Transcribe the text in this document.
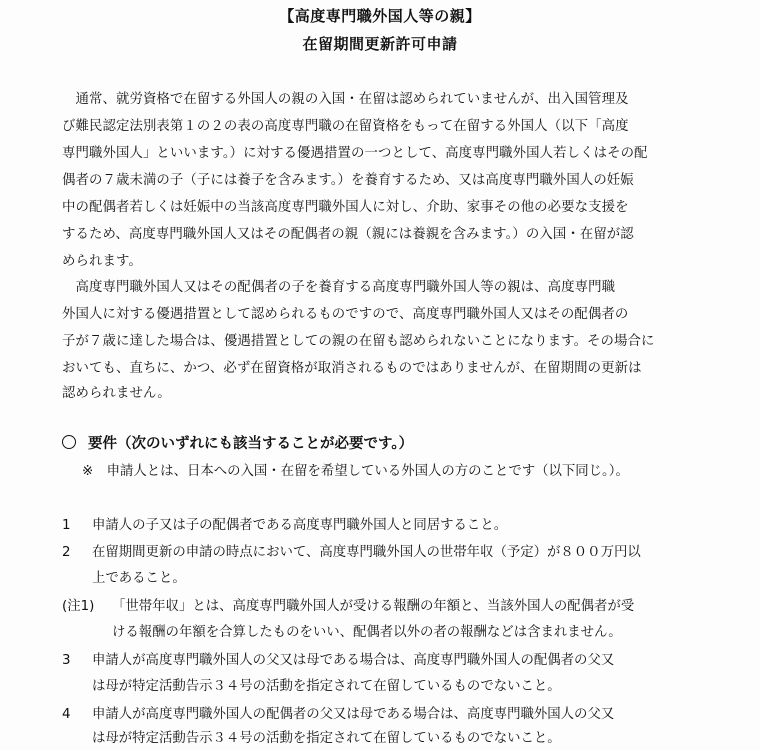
【高度専門職外国人等の親】
在留期間更新許可申請
　通常、就労資格で在留する外国人の親の入国・在留は認められていませんが、出入国管理及
び難民認定法別表第１の２の表の高度専門職の在留資格をもって在留する外国人（以下「高度
専門職外国人」といいます。）に対する優遇措置の一つとして、高度専門職外国人若しくはその配
偶者の７歳未満の子（子には養子を含みます。）を養育するため、又は高度専門職外国人の妊娠
中の配偶者若しくは妊娠中の当該高度専門職外国人に対し、介助、家事その他の必要な支援を
するため、高度専門職外国人又はその配偶者の親（親には養親を含みます。）の入国・在留が認
められます。
　高度専門職外国人又はその配偶者の子を養育する高度専門職外国人等の親は、高度専門職
外国人に対する優遇措置として認められるものですので、高度専門職外国人又はその配偶者の
子が７歳に達した場合は、優遇措置としての親の在留も認められないことになります。その場合に
おいても、直ちに、かつ、必ず在留資格が取消されるものではありませんが、在留期間の更新は
認められません。
要件（次のいずれにも該当することが必要です。）
※　申請人とは、日本への入国・在留を希望している外国人の方のことです（以下同じ。）。
1 申請人の子又は子の配偶者である高度専門職外国人と同居すること。
2 在留期間更新の申請の時点において、高度専門職外国人の世帯年収（予定）が８００万円以
上であること。
(注1) 「世帯年収」とは、高度専門職外国人が受ける報酬の年額と、当該外国人の配偶者が受
ける報酬の年額を合算したものをいい、配偶者以外の者の報酬などは含まれません。
3 申請人が高度専門職外国人の父又は母である場合は、高度専門職外国人の配偶者の父又
は母が特定活動告示３４号の活動を指定されて在留しているものでないこと。
4 申請人が高度専門職外国人の配偶者の父又は母である場合は、高度専門職外国人の父又
は母が特定活動告示３４号の活動を指定されて在留しているものでないこと。
